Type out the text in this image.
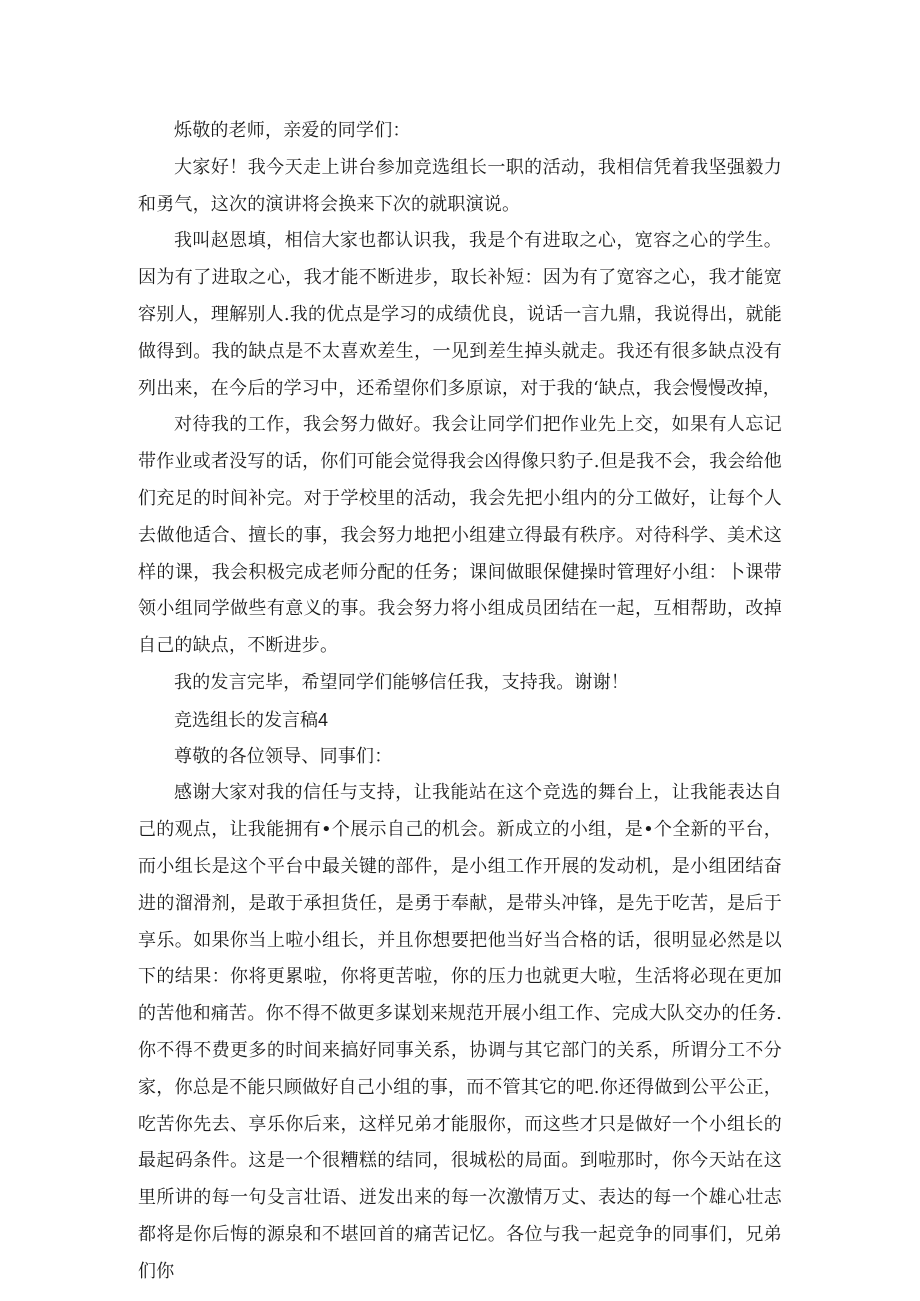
烁敬的老师，亲爱的同学们：

大家好！我今天走上讲台参加竞选组长一职的活动，我相信凭着我坚强毅力和勇气，这次的演讲将会换来下次的就职演说。

我叫赵恩填，相信大家也都认识我，我是个有进取之心，宽容之心的学生。因为有了进取之心，我才能不断进步，取长补短：因为有了宽容之心，我才能宽容别人，理解别人.我的优点是学习的成绩优良，说话一言九鼎，我说得出，就能做得到。我的缺点是不太喜欢差生，一见到差生掉头就走。我还有很多缺点没有列出来，在今后的学习中，还希望你们多原谅，对于我的‘缺点，我会慢慢改掉，

对待我的工作，我会努力做好。我会让同学们把作业先上交，如果有人忘记带作业或者没写的话，你们可能会觉得我会凶得像只豹子.但是我不会，我会给他们充足的时间补完。对于学校里的活动，我会先把小组内的分工做好，让每个人去做他适合、擅长的事，我会努力地把小组建立得最有秩序。对待科学、美术这样的课，我会积极完成老师分配的任务；课间做眼保健操时管理好小组：卜课带领小组同学做些有意义的事。我会努力将小组成员团结在一起，互相帮助，改掉自己的缺点，不断进步。

我的发言完毕，希望同学们能够信任我，支持我。谢谢！

竞选组长的发言稿4

尊敬的各位领导、同事们：

感谢大家对我的信任与支持，让我能站在这个竞选的舞台上，让我能表达自己的观点，让我能拥有•个展示自己的机会。新成立的小组，是•个全新的平台，而小组长是这个平台中最关键的部件，是小组工作开展的发动机，是小组团结奋进的溜滑剂，是敢于承担货任，是勇于奉献，是带头冲锋，是先于吃苦，是后于享乐。如果你当上啦小组长，并且你想要把他当好当合格的话，很明显必然是以下的结果：你将更累啦，你将更苦啦，你的压力也就更大啦，生活将必现在更加的苦他和痛苦。你不得不做更多谋划来规范开展小组工作、完成大队交办的任务.你不得不费更多的时间来搞好同事关系，协调与其它部门的关系，所谓分工不分家，你总是不能只顾做好自己小组的事，而不管其它的吧.你还得做到公平公正，吃苦你先去、享乐你后来，这样兄弟才能服你，而这些才只是做好一个小组长的最起码条件。这是一个很糟糕的结同，很城松的局面。到啦那时，你今天站在这里所讲的每一句殳言壮语、迸发出来的每一次激情万丈、表达的每一个雄心壮志都将是你后悔的源泉和不堪回首的痛苦记忆。各位与我一起竞争的同事们，兄弟们你
